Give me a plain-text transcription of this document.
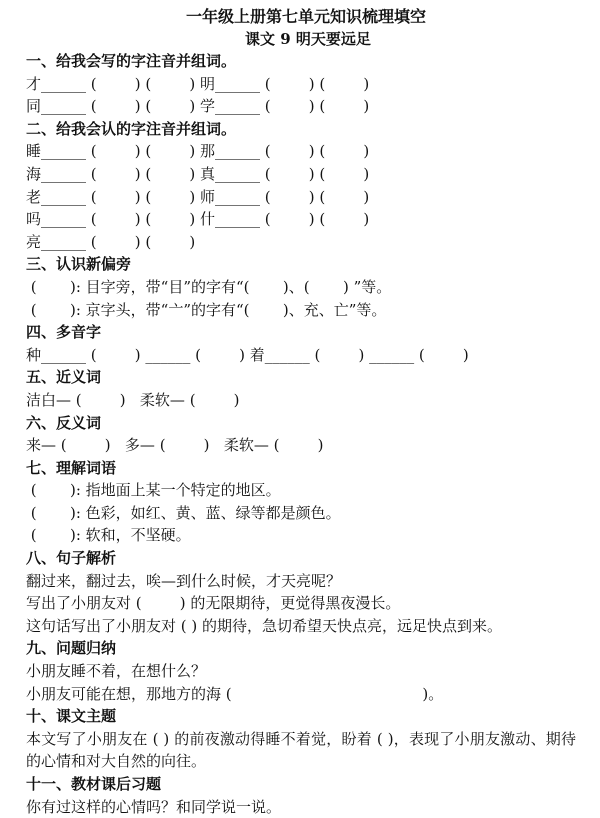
一年级上册第七单元知识梳理填空
课文 9 明天要远足
一、给我会写的字注音并组词。
才______ (        ) (        ) 明______ (        ) (        )
同______ (        ) (        ) 学______ (        ) (        )
二、给我会认的字注音并组词。
睡______ (        ) (        ) 那______ (        ) (        )
海______ (        ) (        ) 真______ (        ) (        )
老______ (        ) (        ) 师______ (        ) (        )
吗______ (        ) (        ) 什______ (        ) (        )
亮______ (        ) (        )
三、认识新偏旁
(       ): 目字旁，带“目”的字有“(       )、(       ) ”等。
(       ): 京字头，带“亠”的字有“(       )、充、亡”等。
四、多音字
种______ (        ) ______ (        ) 着______ (        ) ______ (        )
五、近义词
洁白— (        )   柔软— (        )
六、反义词
来— (        )   多— (        )   柔软— (        )
七、理解词语
(       ): 指地面上某一个特定的地区。
(       ): 色彩，如红、黄、蓝、绿等都是颜色。
(       ): 软和，不坚硬。
八、句子解析
翻过来，翻过去，唉—到什么时候，才天亮呢？
写出了小朋友对 (        ) 的无限期待，更觉得黑夜漫长。
这句话写出了小朋友对 ( ) 的期待，急切希望天快点亮，远足快点到来。
九、问题归纳
小朋友睡不着，在想什么？
小朋友可能在想，那地方的海 (                                        )。
十、课文主题
本文写了小朋友在 ( ) 的前夜激动得睡不着觉，盼着 ( )，表现了小朋友激动、期待的心情和对大自然的向往。
十一、教材课后习题
你有过这样的心情吗？和同学说一说。
